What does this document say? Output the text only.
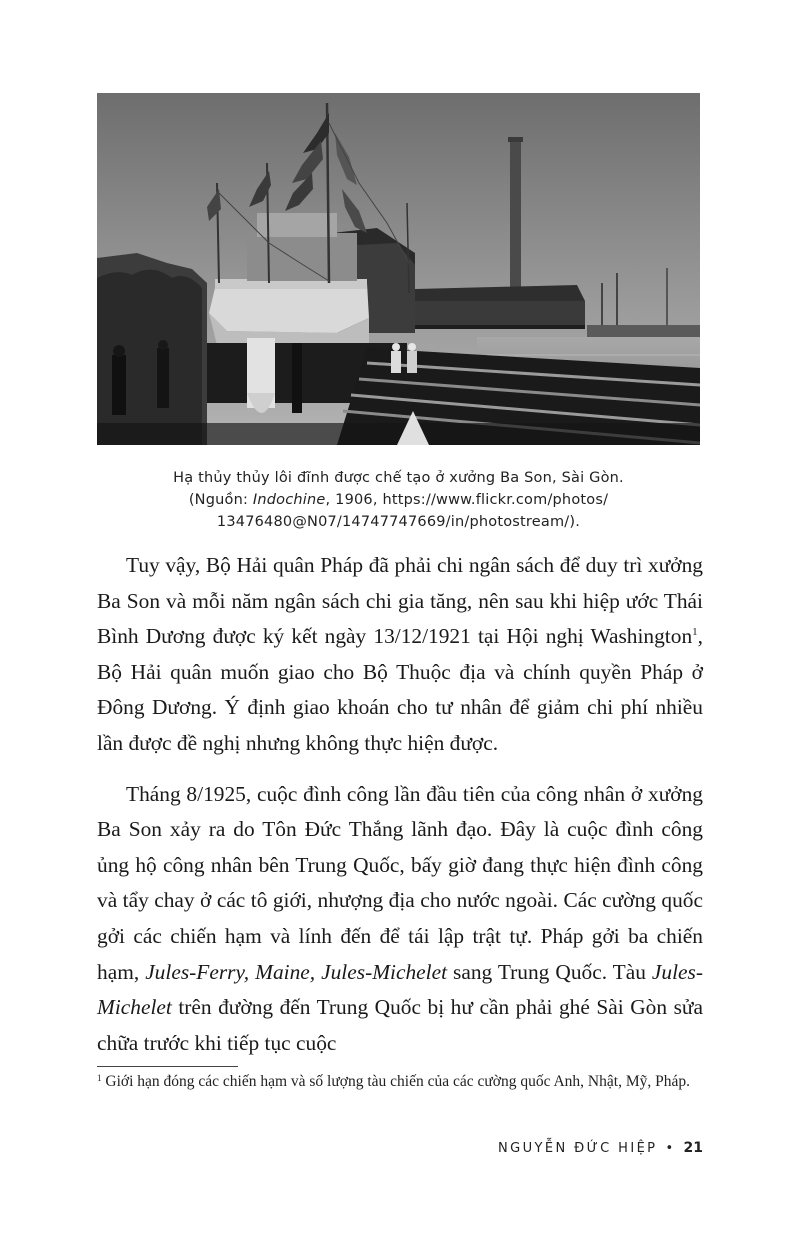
Hạ thủy thủy lôi đĩnh được chế tạo ở xưởng Ba Son, Sài Gòn.
(Nguồn: Indochine, 1906, https://www.flickr.com/photos/
13476480@N07/14747747669/in/photostream/).

Tuy vậy, Bộ Hải quân Pháp đã phải chi ngân sách để duy trì xưởng Ba Son và mỗi năm ngân sách chi gia tăng, nên sau khi hiệp ước Thái Bình Dương được ký kết ngày 13/12/1921 tại Hội nghị Washington$^1$, Bộ Hải quân muốn giao cho Bộ Thuộc địa và chính quyền Pháp ở Đông Dương. Ý định giao khoán cho tư nhân để giảm chi phí nhiều lần được đề nghị nhưng không thực hiện được.

Tháng 8/1925, cuộc đình công lần đầu tiên của công nhân ở xưởng Ba Son xảy ra do Tôn Đức Thắng lãnh đạo. Đây là cuộc đình công ủng hộ công nhân bên Trung Quốc, bấy giờ đang thực hiện đình công và tẩy chay ở các tô giới, nhượng địa cho nước ngoài. Các cường quốc gởi các chiến hạm và lính đến để tái lập trật tự. Pháp gởi ba chiến hạm, Jules-Ferry, Maine, Jules-Michelet sang Trung Quốc. Tàu Jules-Michelet trên đường đến Trung Quốc bị hư cần phải ghé Sài Gòn sửa chữa trước khi tiếp tục cuộc

$^1$ Giới hạn đóng các chiến hạm và số lượng tàu chiến của các cường quốc Anh, Nhật, Mỹ, Pháp.
NGUYỄN ĐỨC HIỆP • 21
